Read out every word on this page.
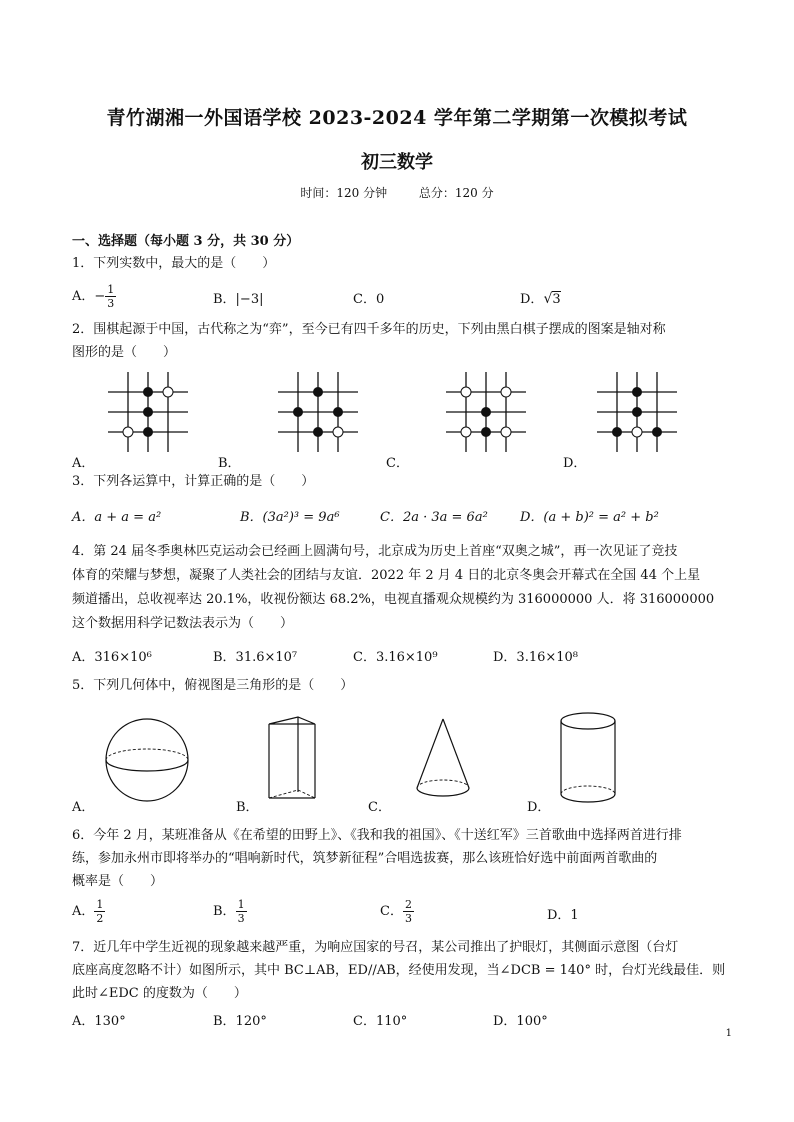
青竹湖湘一外国语学校 2023-2024 学年第二学期第一次模拟考试
初三数学
时间：120 分钟	总分：120 分
一、选择题（每小题 3 分，共 30 分）
1．下列实数中，最大的是（　　）
A．− $\frac{1}{3}$	B．|−3|	C．0	D．√3
2．围棋起源于中国，古代称之为“弈”，至今已有四千多年的历史，下列由黑白棋子摆成的图案是轴对称
图形的是（　　）
A．	B．	C．	D．
3．下列各运算中，计算正确的是（　　）
A．a + a = a²	B．(3a²)³ = 9a⁶	C．2a · 3a = 6a² D．(a + b)² = a² + b²
4．第 24 届冬季奥林匹克运动会已经画上圆满句号，北京成为历史上首座“双奥之城”，再一次见证了竞技
体育的荣耀与梦想，凝聚了人类社会的团结与友谊．2022 年 2 月 4 日的北京冬奥会开幕式在全国 44 个上星
频道播出，总收视率达 20.1%，收视份额达 68.2%，电视直播观众规模约为 316000000 人．将 316000000
这个数据用科学记数法表示为（　　）
A．316×10⁶	B．31.6×10⁷	C．3.16×10⁹	D．3.16×10⁸
5．下列几何体中，俯视图是三角形的是（　　）
A．	B．	C．	D．
6．今年 2 月，某班准备从《在希望的田野上》、《我和我的祖国》、《十送红军》三首歌曲中选择两首进行排
练，参加永州市即将举办的“唱响新时代，筑梦新征程”合唱选拔赛，那么该班恰好选中前面两首歌曲的
概率是（　　）
A． $\frac{1}{2}$	B． $\frac{1}{3}$	C． $\frac{2}{3}$	D．1
7．近几年中学生近视的现象越来越严重，为响应国家的号召，某公司推出了护眼灯，其侧面示意图（台灯
底座高度忽略不计）如图所示，其中 BC⊥AB，ED//AB，经使用发现，当∠DCB = 140° 时，台灯光线最佳．则
此时∠EDC 的度数为（　　）
A．130°	B．120°	C．110°	D．100°
1
